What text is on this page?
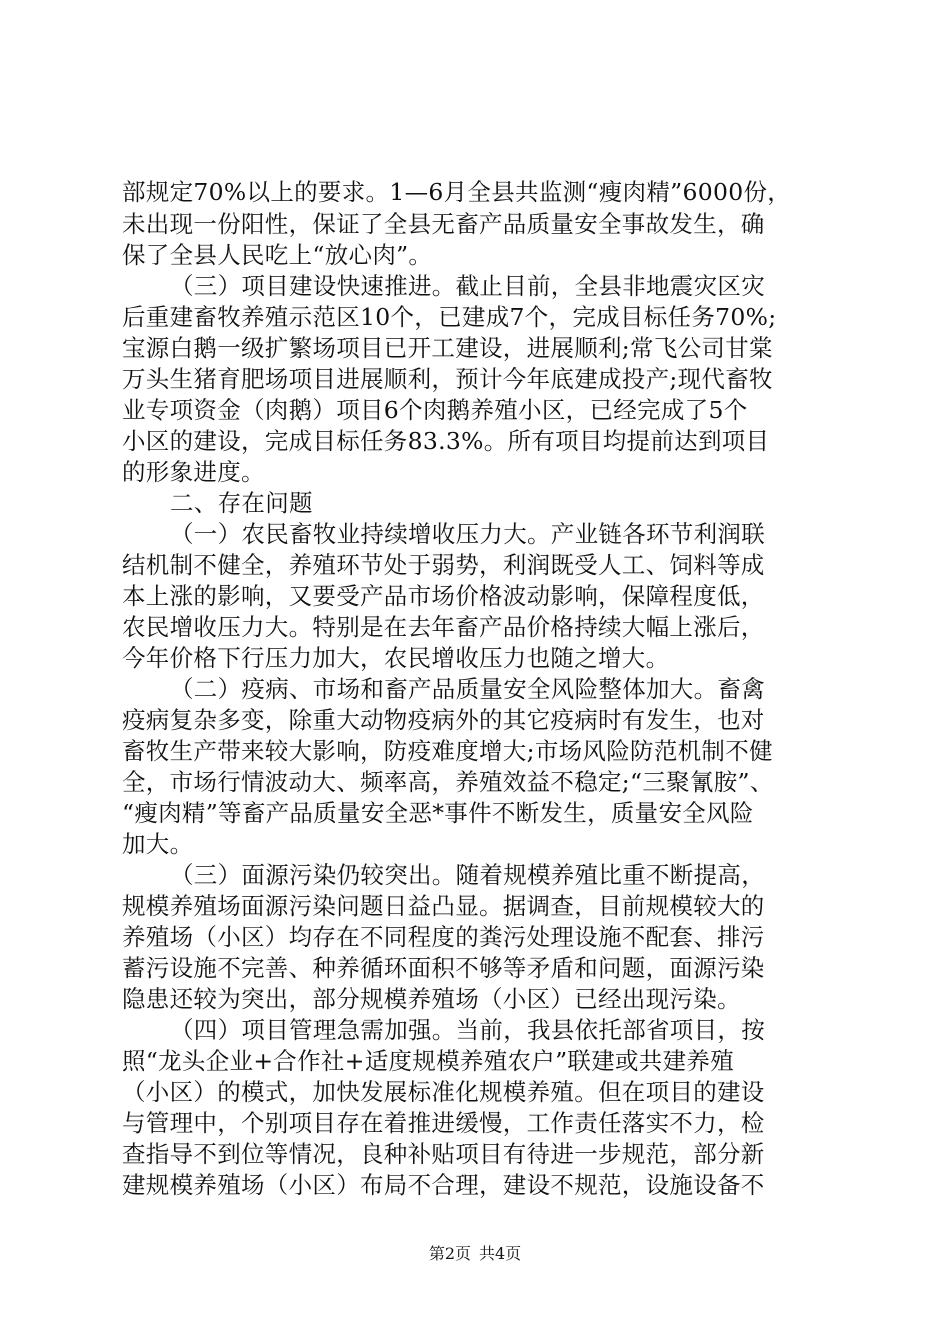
部规定70%以上的要求。1—6月全县共监测“瘦肉精”6000份，
未出现一份阳性，保证了全县无畜产品质量安全事故发生，确
保了全县人民吃上“放心肉”。
（三）项目建设快速推进。截止目前，全县非地震灾区灾
后重建畜牧养殖示范区10个，已建成7个，完成目标任务70%;
宝源白鹅一级扩繁场项目已开工建设，进展顺利;常飞公司甘棠
万头生猪育肥场项目进展顺利，预计今年底建成投产;现代畜牧
业专项资金（肉鹅）项目6个肉鹅养殖小区，已经完成了5个
小区的建设，完成目标任务83.3%。所有项目均提前达到项目
的形象进度。
二、存在问题
（一）农民畜牧业持续增收压力大。产业链各环节利润联
结机制不健全，养殖环节处于弱势，利润既受人工、饲料等成
本上涨的影响，又要受产品市场价格波动影响，保障程度低，
农民增收压力大。特别是在去年畜产品价格持续大幅上涨后，
今年价格下行压力加大，农民增收压力也随之增大。
（二）疫病、市场和畜产品质量安全风险整体加大。畜禽
疫病复杂多变，除重大动物疫病外的其它疫病时有发生，也对
畜牧生产带来较大影响，防疫难度增大;市场风险防范机制不健
全，市场行情波动大、频率高，养殖效益不稳定;“三聚氰胺”、
“瘦肉精”等畜产品质量安全恶*事件不断发生，质量安全风险
加大。
（三）面源污染仍较突出。随着规模养殖比重不断提高，
规模养殖场面源污染问题日益凸显。据调查，目前规模较大的
养殖场（小区）均存在不同程度的粪污处理设施不配套、排污
蓄污设施不完善、种养循环面积不够等矛盾和问题，面源污染
隐患还较为突出，部分规模养殖场（小区）已经出现污染。
（四）项目管理急需加强。当前，我县依托部省项目，按
照“龙头企业+合作社+适度规模养殖农户”联建或共建养殖
（小区）的模式，加快发展标准化规模养殖。但在项目的建设
与管理中，个别项目存在着推进缓慢，工作责任落实不力，检
查指导不到位等情况，良种补贴项目有待进一步规范，部分新
建规模养殖场（小区）布局不合理，建设不规范，设施设备不
第2页 共4页
